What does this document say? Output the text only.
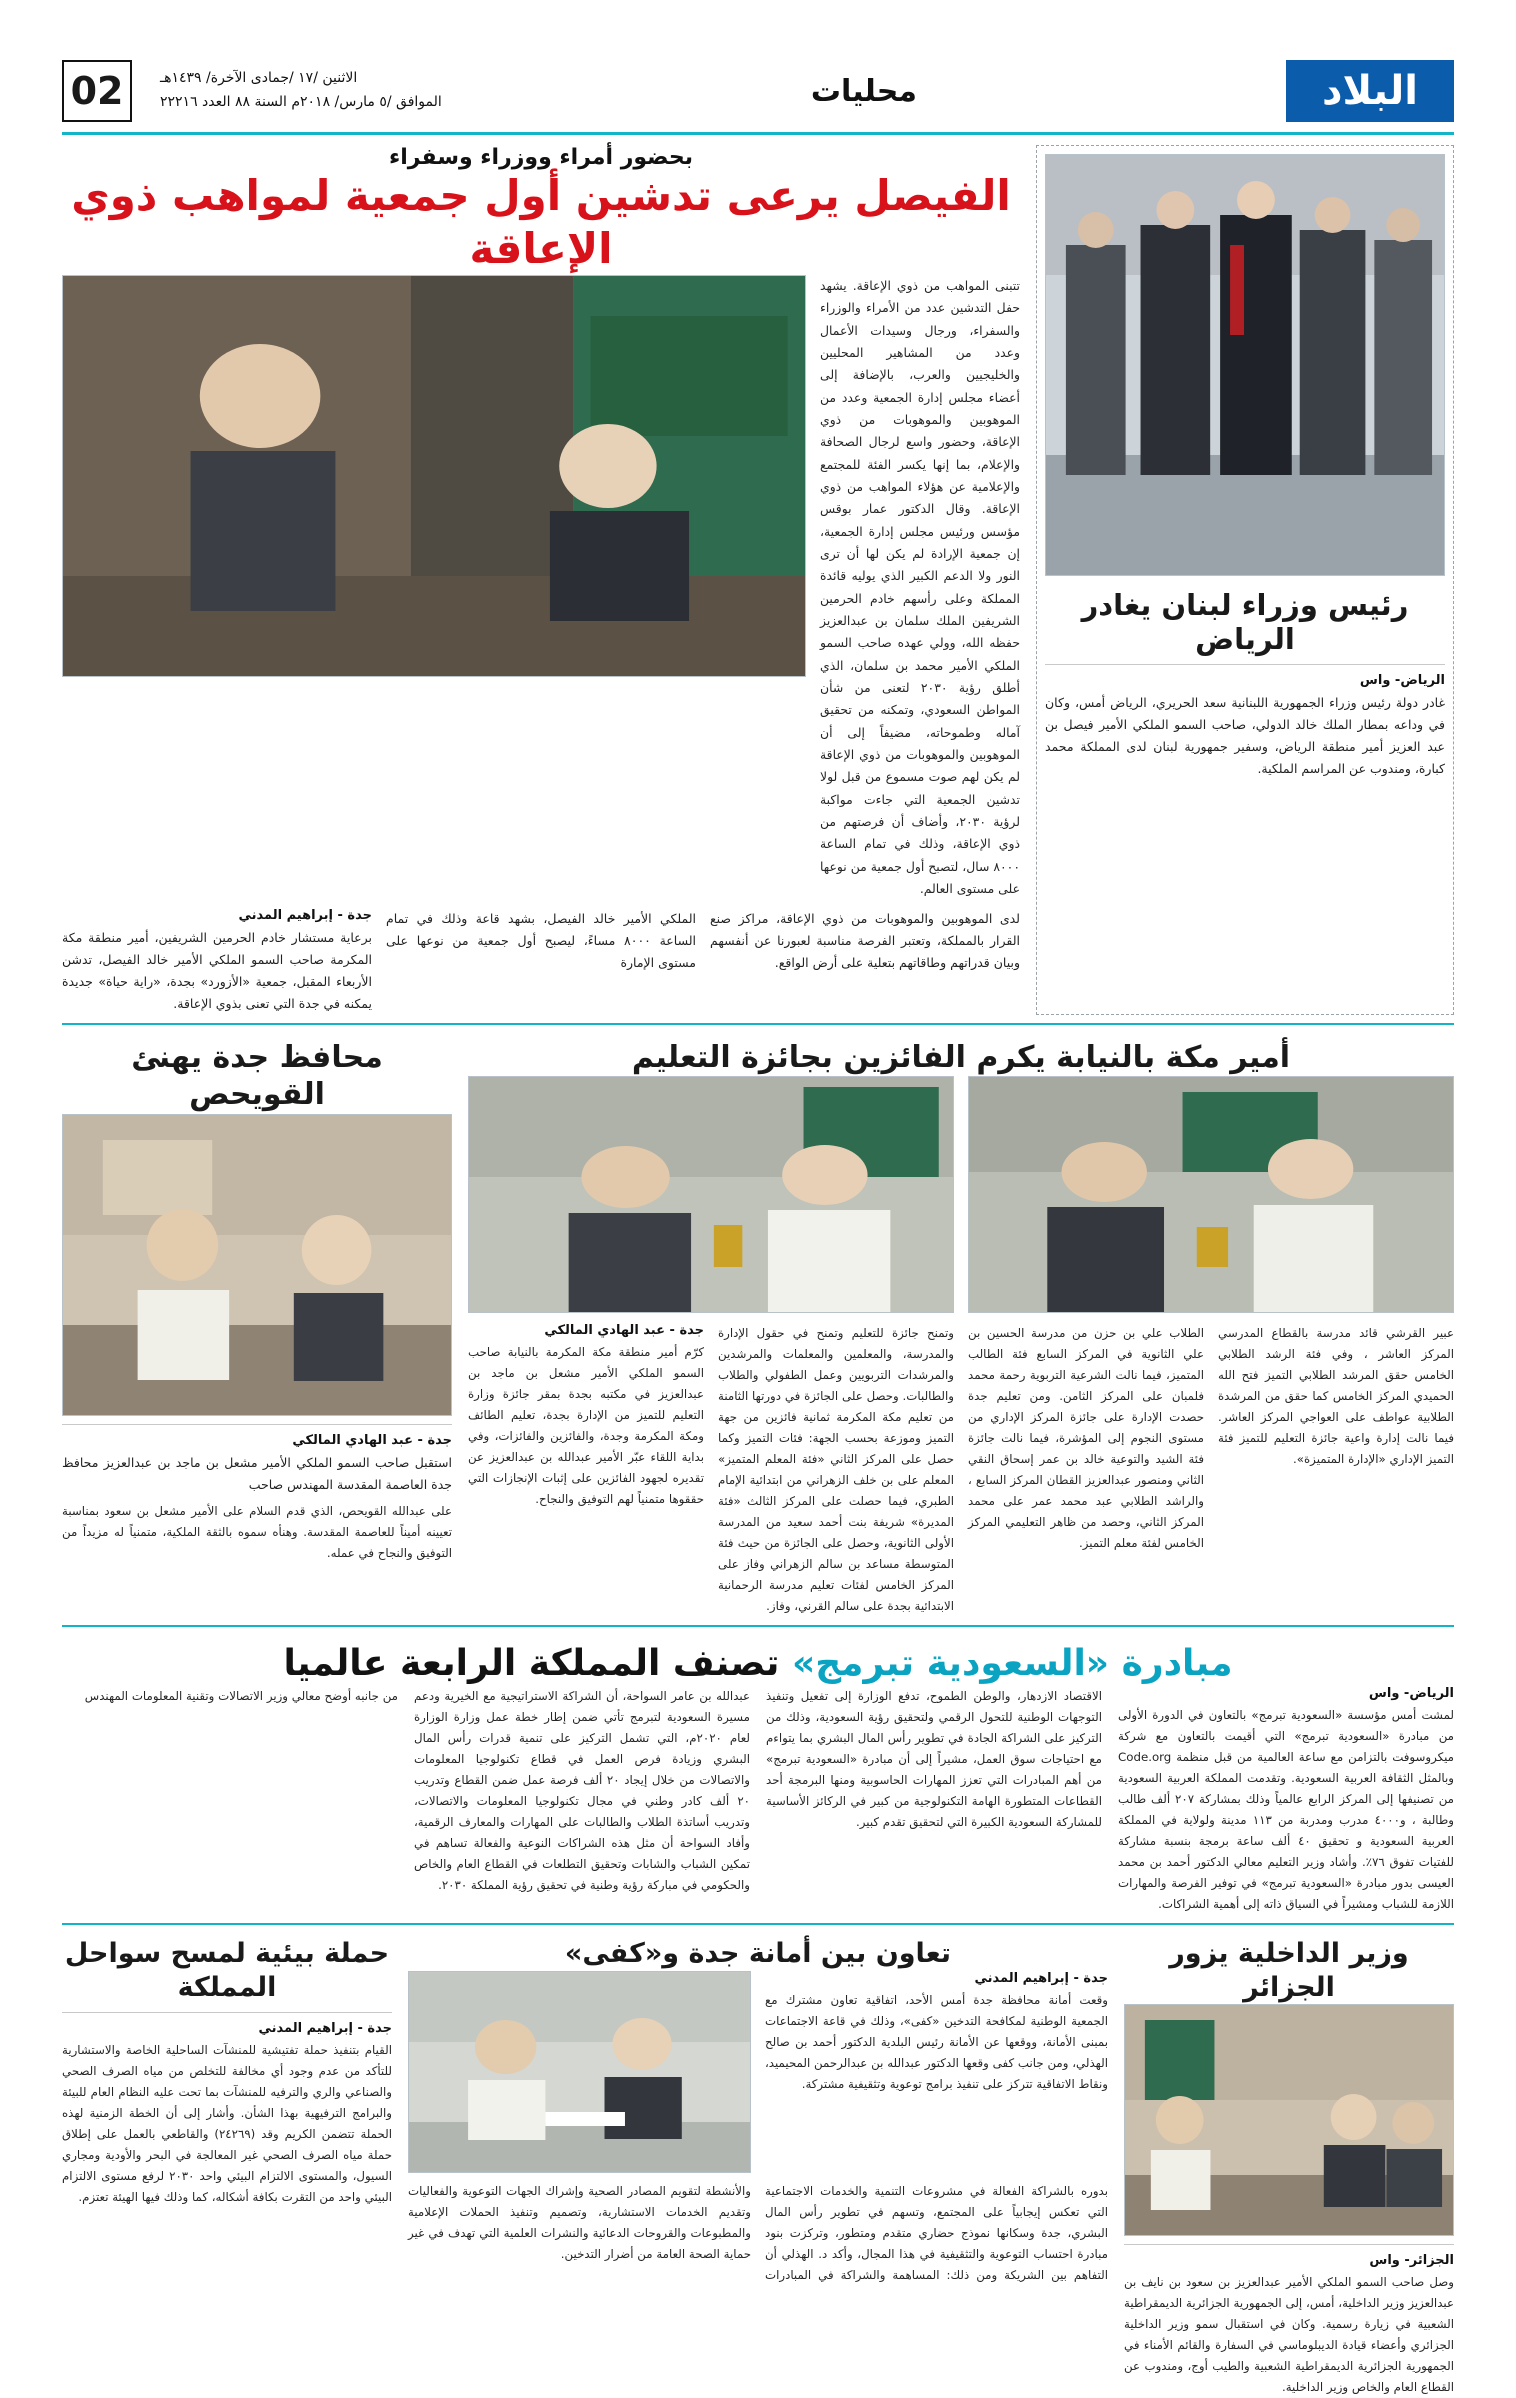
البلاد
محليات
الاثنين /١٧ /جمادى الآخرة/ ١٤٣٩هـ
الموافق /٥ مارس/ ٢٠١٨م السنة ٨٨ العدد ٢٢٢١٦
02
رئيس وزراء لبنان يغادر الرياض
الرياض- واس
غادر دولة رئيس وزراء الجمهورية اللبنانية سعد الحريري، الرياض أمس، وكان في وداعه بمطار الملك خالد الدولي، صاحب السمو الملكي الأمير فيصل بن عبد العزيز أمير منطقة الرياض، وسفير جمهورية لبنان لدى المملكة محمد كبارة، ومندوب عن المراسم الملكية.
بحضور أمراء ووزراء وسفراء
الفيصل يرعى تدشين أول جمعية لمواهب ذوي الإعاقة
تتبنى المواهب من ذوي الإعاقة. يشهد حفل التدشين عدد من الأمراء والوزراء والسفراء، ورجال وسيدات الأعمال وعدد من المشاهير المحليين والخليجيين والعرب، بالإضافة إلى أعضاء مجلس إدارة الجمعية وعدد من الموهوبين والموهوبات من ذوي الإعاقة، وحضور واسع لرجال الصحافة والإعلام، بما إنها يكسر الفئة للمجتمع والإعلامية عن هؤلاء المواهب من ذوي الإعاقة. وقال الدكتور عمار بوقس مؤسس ورئيس مجلس إدارة الجمعية، إن جمعية الإرادة لم يكن لها أن ترى النور ولا الدعم الكبير الذي يوليه قائدة المملكة وعلى رأسهم خادم الحرمين الشريفين الملك سلمان بن عبدالعزيز حفظه الله، وولي عهده صاحب السمو الملكي الأمير محمد بن سلمان، الذي أطلق رؤية ٢٠٣٠ لتعنى من شأن المواطن السعودي، وتمكنه من تحقيق آماله وطموحاته، مضيفاً إلى أن الموهوبين والموهوبات من ذوي الإعاقة لم يكن لهم صوت مسموع من قبل لولا تدشين الجمعية التي جاءت مواكبة لرؤية ٢٠٣٠، وأضاف أن فرصتهم من ذوي الإعاقة، وذلك في تمام الساعة ٨٠٠٠ سال، لتصبح أول جمعية من نوعها على مستوى العالم.
لدى الموهوبين والموهوبات من ذوي الإعاقة، مراكز صنع القرار بالمملكة، وتعتبر الفرصة مناسبة لعبورنا عن أنفسهم وبيان قدراتهم وطاقاتهم بتعلية على أرض الواقع.
الملكي الأمير خالد الفيصل، بشهد قاعة وذلك في تمام الساعة ٨٠٠٠ مساءً، ليصبح أول جمعية من نوعها على مستوى الإمارة
جدة - إبراهيم المدني
برعاية مستشار خادم الحرمين الشريفين، أمير منطقة مكة المكرمة صاحب السمو الملكي الأمير خالد الفيصل، تدشن الأربعاء المقبل، جمعية «الأزورد» بجدة، «راية حياة» جديدة يمكنه في جدة التي تعنى بذوي الإعاقة.
أمير مكة بالنيابة يكرم الفائزين بجائزة التعليم
عبير القرشي قائد مدرسة بالقطاع المدرسي المركز العاشر ، وفي فئة الرشد الطلابي الخامس حقق المرشد الطلابي التميز فتح الله الحميدي المركز الخامس كما حقق من المرشدة الطلابية عواطف على العواجي المركز العاشر. فيما نالت إدارة واعية جائزة التعليم للتميز فئة التميز الإداري «الإدارة المتميزة».
الطلاب علي بن حزن من مدرسة الحسين بن علي الثانوية في المركز السابع فئة الطالب المتميز، فيما نالت الشرعية التربوية رحمة محمد فلمبان على المركز الثامن. ومن تعليم جدة حصدت الإدارة على جائزة المركز الإداري من مستوى النجوم إلى المؤشرة، فيما نالت جائزة فئة الشيد والتوعية خالد بن عمر إسحاق النقي الثاني ومنصور عبدالعزيز القطان المركز السابع ، والراشد الطلابي عبد محمد عمر على محمد المركز الثاني، وحصد من ظاهر التعليمي المركز الخامس لفئة معلم التميز.
وتمنح جائزة للتعليم وتمنح في حقول الإدارة والمدرسة، والمعلمين والمعلمات والمرشدين والمرشدات التربويين وعمل الطفولي والطلاب والطالبات. وحصل على الجائزة في دورتها الثامنة من تعليم مكة المكرمة ثمانية فائزين من جهة التميز وموزعة بحسب الجهة: فئات التميز وكما حصل على المركز الثاني «فئة المعلم المتميز» المعلم على بن خلف الزهراني من ابتدائية الإمام الطبري، فيما حصلت على المركز الثالث «فئة المديرة» شريفة بنت أحمد سعيد من المدرسة الأولى الثانوية، وحصل على الجائزة من حيث فئة المتوسطة مساعد بن سالم الزهراني وفاز على المركز الخامس لفئات تعليم مدرسة الرحمانية الابتدائية بجدة على سالم القرني، وفاز.
جدة - عبد الهادي المالكي
كرّم أمير منطقة مكة المكرمة بالنيابة صاحب السمو الملكي الأمير مشعل بن ماجد بن عبدالعزيز في مكتبه بجدة بمقر جائزة وزارة التعليم للتميز من الإدارة بجدة، تعليم الطائف ومكة المكرمة وجدة، والفائزين والفائزات، وفي بداية اللقاء عبّر الأمير عبدالله بن عبدالعزيز عن تقديره لجهود الفائزين على إثبات الإنجازات التي حققوها متمنياً لهم التوفيق والنجاح.
محافظ جدة يهنئ القويحص
جدة - عبد الهادي المالكي
استقبل صاحب السمو الملكي الأمير مشعل بن ماجد بن عبدالعزيز محافظ جدة العاصمة المقدسة المهندس صاحب
على عبدالله القويحص، الذي قدم السلام على الأمير مشعل بن سعود بمناسبة تعيينه أميناً للعاصمة المقدسة. وهنأه سموه بالثقة الملكية، متمنياً له مزيداً من التوفيق والنجاح في عمله.
مبادرة «السعودية تبرمج» تصنف المملكة الرابعة عالميا
الرياض- واس
لمشت أمس مؤسسة «السعودية تبرمج» بالتعاون في الدورة الأولى من مبادرة «السعودية تبرمج» التي أقيمت بالتعاون مع شركة ميكروسوفت بالتزامن مع ساعة العالمية من قبل منظمة Code.org وبالمثل الثقافة العربية السعودية. وتقدمت المملكة العربية السعودية من تصنيفها إلى المركز الرابع عالمياً وذلك بمشاركة ٢٠٧ ألف طالب وطالبة ، و٤٠٠٠ مدرب ومدربة من ١١٣ مدينة ولولاية في المملكة العربية السعودية و تحقيق ٤٠ ألف ساعة برمجة بنسبة مشاركة للفتيات تفوق ٧٦٪. وأشاد وزير التعليم معالي الدكتور أحمد بن محمد العيسى بدور مبادرة «السعودية تبرمج» في توفير الفرصة والمهارات اللازمة للشباب ومشيراً في السياق ذاته إلى أهمية الشراكات.
الاقتصاد الازدهار، والوطن الطموح، تدفع الوزارة إلى تفعيل وتنفيذ التوجهات الوطنية للتحول الرقمي ولتحقيق رؤية السعودية، وذلك من التركيز على الشراكة الجادة في تطوير رأس المال البشري بما يتواءم مع احتياجات سوق العمل، مشيراً إلى أن مبادرة «السعودية تبرمج» من أهم المبادرات التي تعزز المهارات الحاسوبية ومنها البرمجة أحد القطاعات المتطورة الهامة التكنولوجية من كبير في الركائز الأساسية للمشاركة السعودية الكبيرة التي لتحقيق تقدم كبير.
عبدالله بن عامر السواحة، أن الشراكة الاستراتيجية مع الخيرية ودعم مسيرة السعودية لتبرمج تأتي ضمن إطار خطة عمل وزارة الوزارة لعام ٢٠٢٠م، التي تشمل التركيز على تنمية قدرات رأس المال البشري وزيادة فرص العمل في قطاع تكنولوجيا المعلومات والاتصالات من خلال إيجاد ٢٠ ألف فرصة عمل ضمن القطاع وتدريب ٢٠ ألف كادر وطني في مجال تكنولوجيا المعلومات والاتصالات، وتدريب أساتذة الطلاب والطالبات على المهارات والمعارف الرقمية، وأفاد السواحة أن مثل هذه الشراكات النوعية والفعالة تساهم في تمكين الشباب والشابات وتحقيق التطلعات في القطاع العام والخاص والحكومي في مباركة رؤية وطنية في تحقيق رؤية المملكة ٢٠٣٠.
من جانبه أوضح معالي وزير الاتصالات وتقنية المعلومات المهندس
وزير الداخلية يزور الجزائر
الجزائر- واس
وصل صاحب السمو الملكي الأمير عبدالعزيز بن سعود بن نايف بن عبدالعزيز وزير الداخلية، أمس، إلى الجمهورية الجزائرية الديمقراطية الشعبية في زيارة رسمية. وكان في استقبال سمو وزير الداخلية الجزائري وأعضاء قيادة الديبلوماسي في السفارة والقائم الأمناء في الجمهورية الجزائرية الديمقراطية الشعبية والطيب أوج، ومندوب عن القطاع العام والخاص وزير الداخلية.
تعاون بين أمانة جدة و«كفى»
جدة - إبراهيم المدني
وقعت أمانة محافظة جدة أمس الأحد، اتفاقية تعاون مشترك مع الجمعية الوطنية لمكافحة التدخين «كفى»، وذلك في قاعة الاجتماعات بمبنى الأمانة، ووقعها عن الأمانة رئيس البلدية الدكتور أحمد بن صالح الهذلي، ومن جانب كفى وقعها الدكتور عبدالله بن عبدالرحمن المحيميد، ونقاط الاتفاقية تتركز على تنفيذ برامج توعوية وتثقيفية مشتركة.
بدوره بالشراكة الفعالة في مشروعات التنمية والخدمات الاجتماعية التي تعكس إيجابياً على المجتمع، وتسهم في تطوير رأس المال البشري، جدة وسكانها نموذج حضاري متقدم ومتطور، وتركزت بنود مبادرة احتساب التوعوية والتثقيفية في هذا المجال، وأكد د. الهذلي أن التفاهم بين الشريكة ومن ذلك: المساهمة والشراكة في المبادرات والأنشطة لتقويم المصادر الصحية وإشراك الجهات التوعوية والفعاليات وتقديم الخدمات الاستشارية، وتصميم وتنفيذ الحملات الإعلامية والمطبوعات والقروحات الدعائية والنشرات العلمية التي تهدف في غير حماية الصحة العامة من أضرار التدخين.
حملة بيئية لمسح سواحل المملكة
جدة - إبراهيم المدني
القيام بتنفيذ حملة تفتيشية للمنشآت الساحلية الخاصة والاستشارية للتأكد من عدم وجود أي مخالفة للتخلص من مياه الصرف الصحي والصناعي والري والترفيه للمنشآت بما تحت عليه النظام العام للبيئة والبرامج الترفيهية بهذا الشأن. وأشار إلى أن الخطة الزمنية لهذه الحملة تتضمن الكريم وقد (٢٤٢٦٩) والقاطعي بالعمل على إطلاق حملة مياه الصرف الصحي غير المعالجة في البحر والأودية ومجاري السيول، والمستوى الالتزام البيئي واحد ٢٠٣٠ لرفع مستوى الالتزام البيئي واحد من التقرت بكافة أشكاله، كما وذلك فيها الهيئة تعتزم.
